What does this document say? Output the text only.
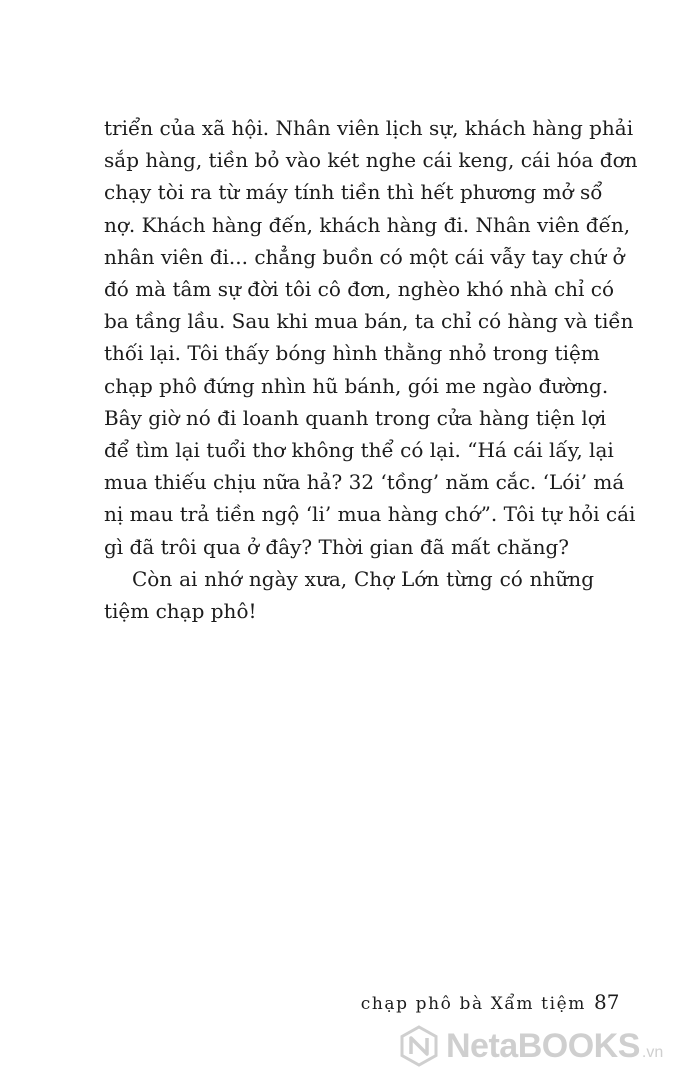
triển của xã hội. Nhân viên lịch sự, khách hàng phải
sắp hàng, tiền bỏ vào két nghe cái keng, cái hóa đơn
chạy tòi ra từ máy tính tiền thì hết phương mở sổ
nợ. Khách hàng đến, khách hàng đi. Nhân viên đến,
nhân viên đi... chẳng buồn có một cái vẫy tay chứ ở
đó mà tâm sự đời tôi cô đơn, nghèo khó nhà chỉ có
ba tầng lầu. Sau khi mua bán, ta chỉ có hàng và tiền
thối lại. Tôi thấy bóng hình thằng nhỏ trong tiệm
chạp phô đứng nhìn hũ bánh, gói me ngào đường.
Bây giờ nó đi loanh quanh trong cửa hàng tiện lợi
để tìm lại tuổi thơ không thể có lại. “Há cái lấy, lại
mua thiếu chịu nữa hả? 32 ‘tồng’ năm cắc. ‘Lói’ má
nị mau trả tiền ngộ ‘li’ mua hàng chớ”. Tôi tự hỏi cái
gì đã trôi qua ở đây? Thời gian đã mất chăng?
Còn ai nhớ ngày xưa, Chợ Lớn từng có những
tiệm chạp phô!
chạp phô bà Xẩm tiệm 87
NetaBOOKS .vn
